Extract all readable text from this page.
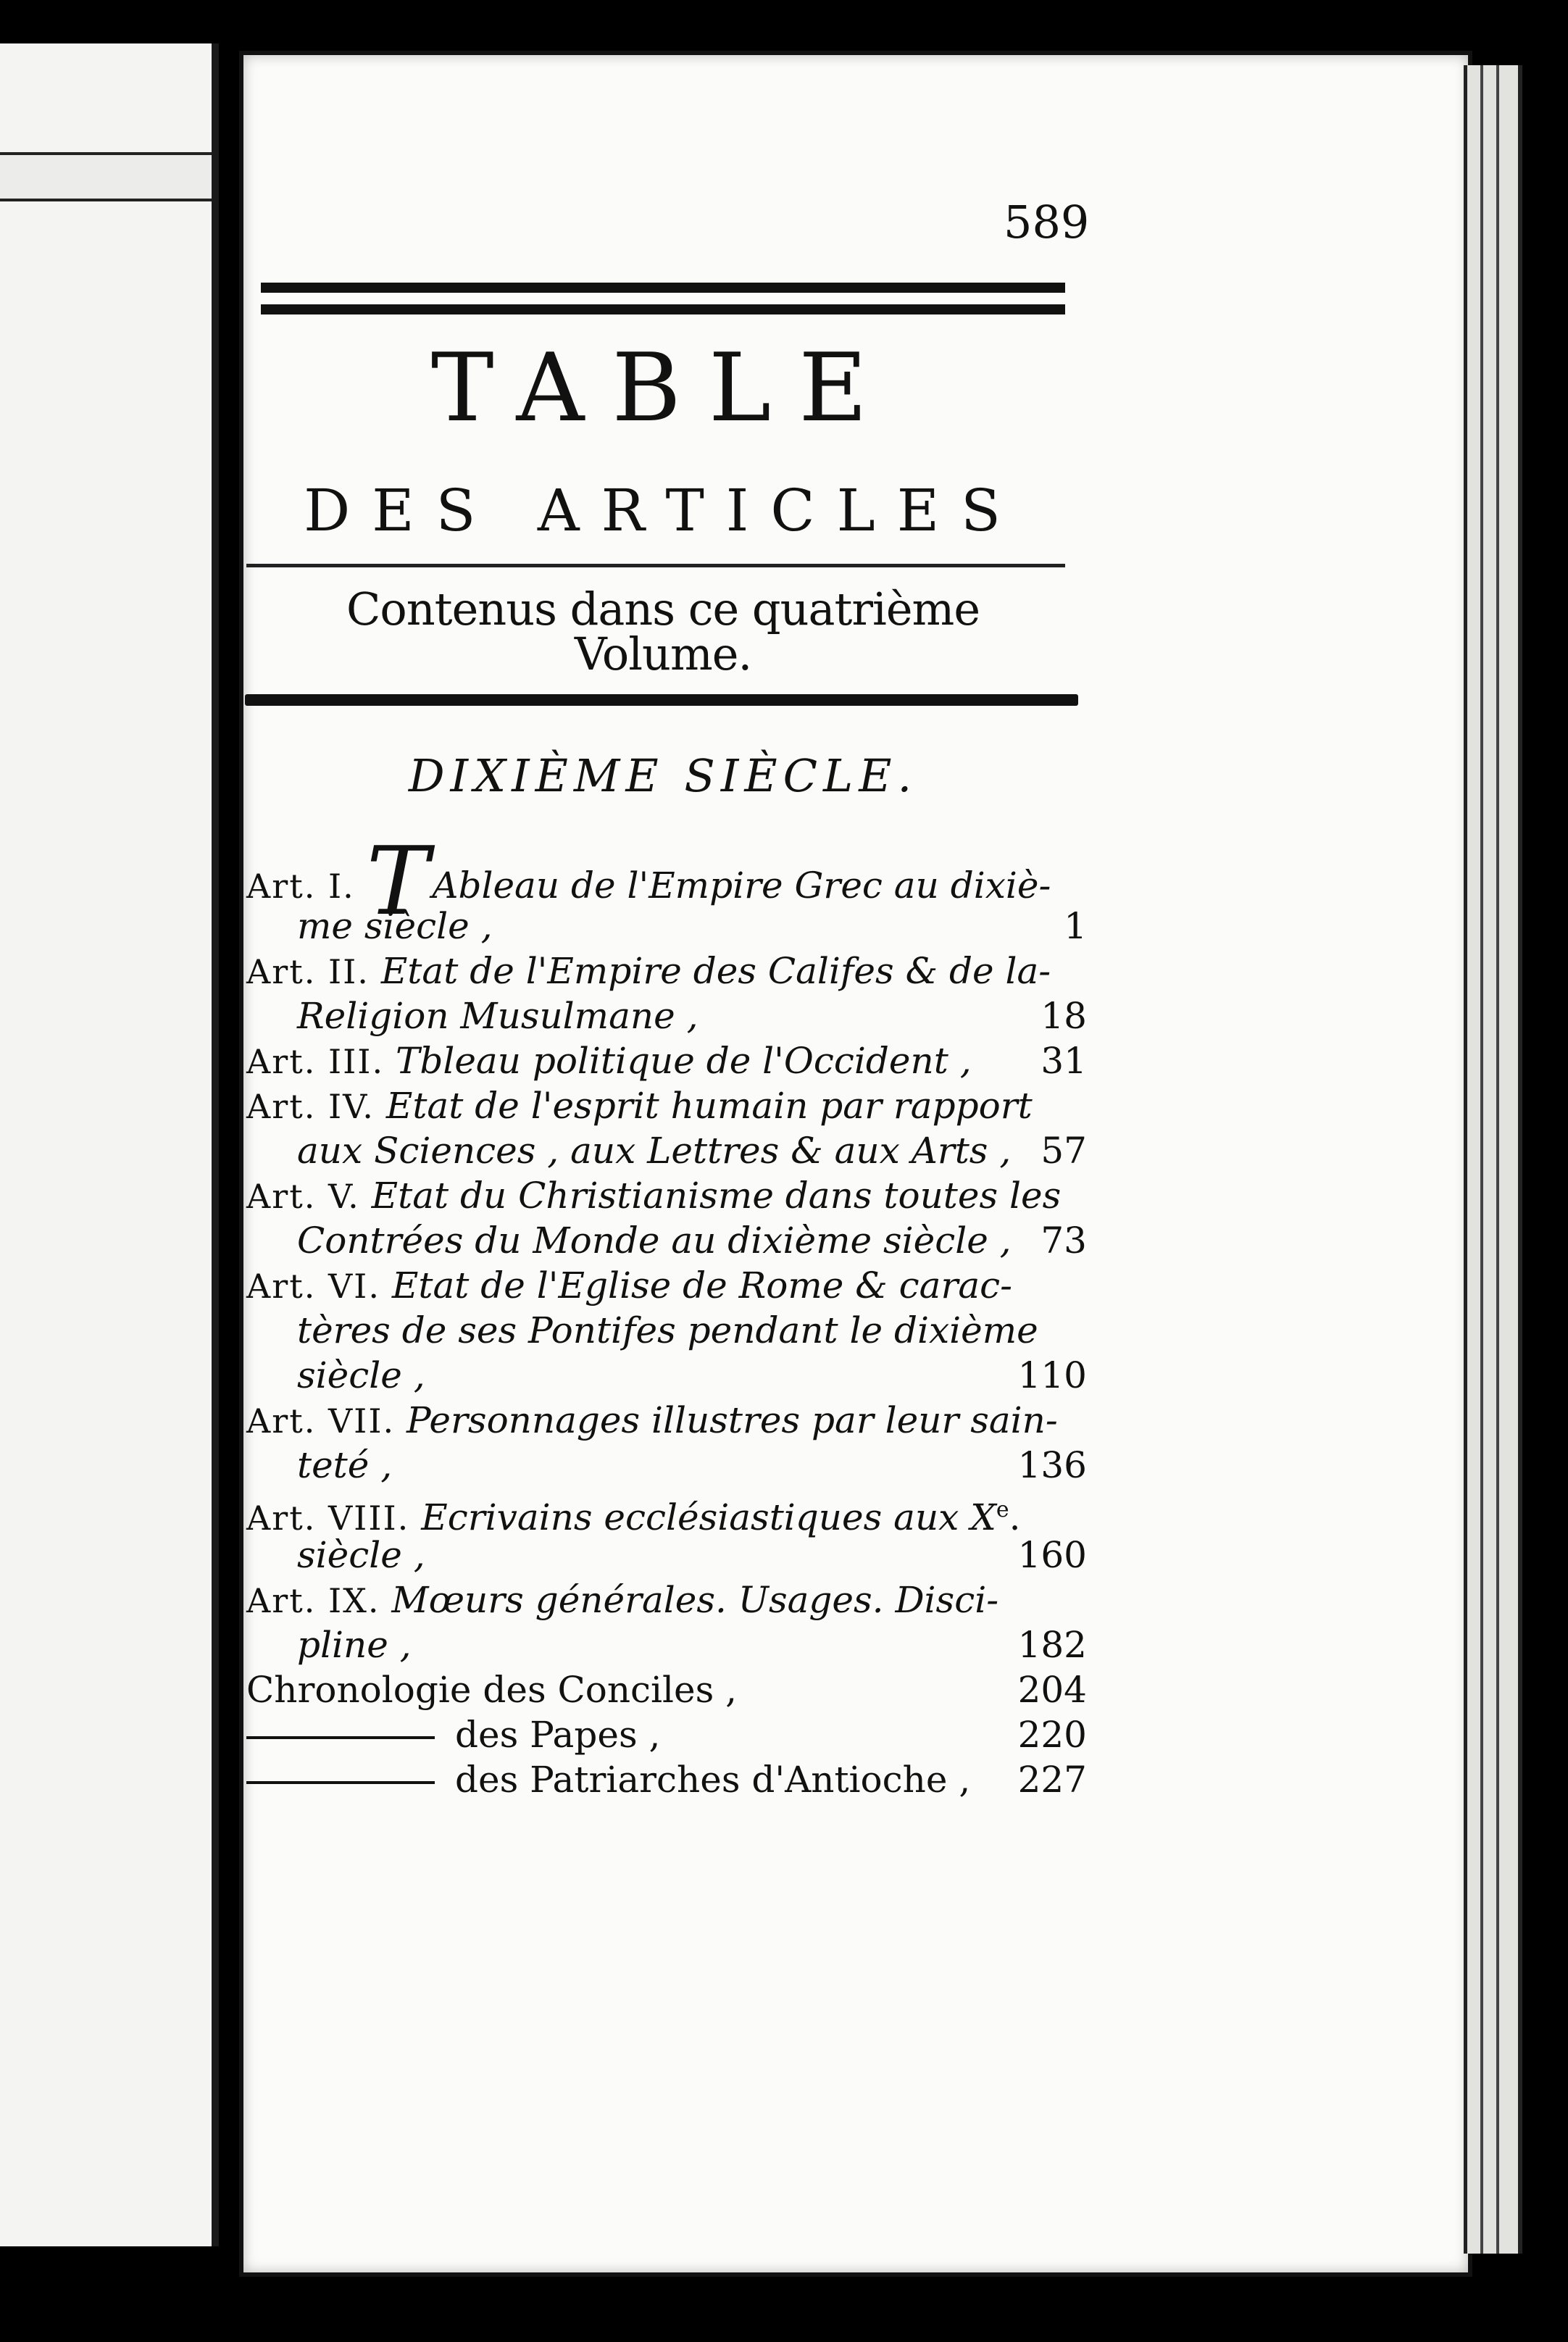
589
TABLE
DES ARTICLES
Contenus dans ce quatrième Volume.
DIXIÈME SIÈCLE.
Art. I. TAbleau de l'Empire Grec au dixiè-
me siècle ,	1
Art. II. Etat de l'Empire des Califes & de la-
Religion Musulmane ,	18
Art. III. Tbleau politique de l'Occident , 31
Art. IV. Etat de l'esprit humain par rapport
aux Sciences , aux Lettres & aux Arts , 57
Art. V. Etat du Christianisme dans toutes les
Contrées du Monde au dixième siècle , 73
Art. VI. Etat de l'Eglise de Rome & carac-
tères de ses Pontifes pendant le dixième
siècle ,	110
Art. VII. Personnages illustres par leur sain-
teté ,	136
Art. VIII. Ecrivains ecclésiastiques aux Xe.
siècle ,	160
Art. IX. Mœurs générales. Usages. Disci-
pline ,	182
Chronologie des Conciles ,	204
des Papes ,	220
des Patriarches d'Antioche , 227
